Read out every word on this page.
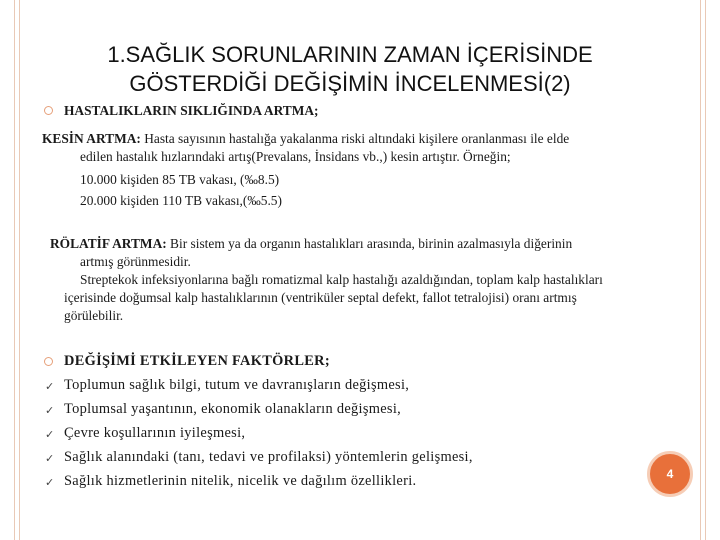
1.SAĞLIK SORUNLARININ ZAMAN İÇERİSİNDE
GÖSTERDİĞİ DEĞİŞİMİN İNCELENMESİ(2)
HASTALIKLARIN SIKLIĞINDA ARTMA;
KESİN ARTMA: Hasta sayısının hastalığa yakalanma riski altındaki kişilere oranlanması ile elde
edilen hastalık hızlarındaki artış(Prevalans, İnsidans vb.,) kesin artıştır. Örneğin;
10.000 kişiden 85 TB vakası, (‰8.5)
20.000 kişiden 110 TB vakası,(‰5.5)
RÖLATİF ARTMA: Bir sistem ya da organın hastalıkları arasında, birinin azalmasıyla diğerinin
artmış görünmesidir.
Streptekok infeksiyonlarına bağlı romatizmal kalp hastalığı azaldığından, toplam kalp hastalıkları
içerisinde doğumsal kalp hastalıklarının (ventriküler septal defekt, fallot tetralojisi) oranı artmış
görülebilir.
DEĞİŞİMİ ETKİLEYEN FAKTÖRLER;
✓ Toplumun sağlık bilgi, tutum ve davranışların değişmesi,
✓ Toplumsal yaşantının, ekonomik olanakların değişmesi,
✓ Çevre koşullarının iyileşmesi,
✓ Sağlık alanındaki (tanı, tedavi ve profilaksi) yöntemlerin gelişmesi,
✓ Sağlık hizmetlerinin nitelik, nicelik ve dağılım özellikleri.	4
